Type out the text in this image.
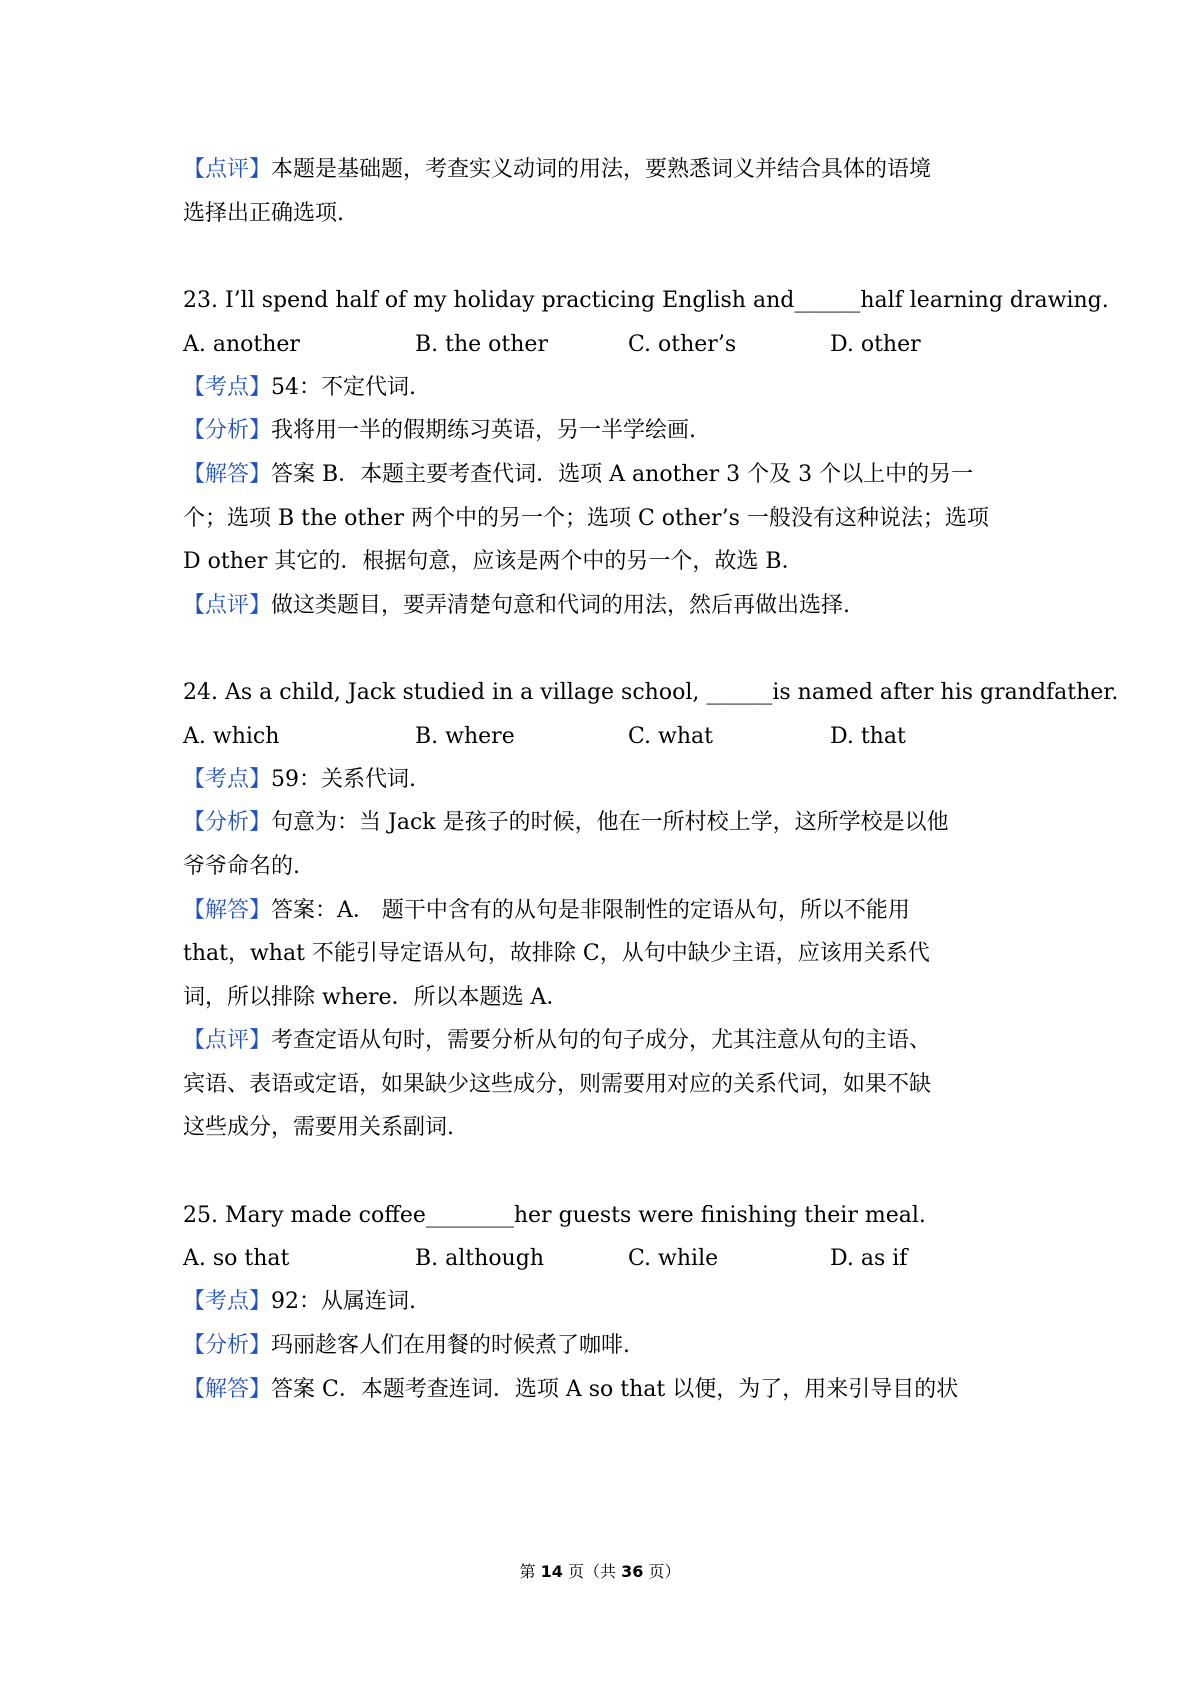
【点评】本题是基础题，考查实义动词的用法，要熟悉词义并结合具体的语境
选择出正确选项.
23. I’ll spend half of my holiday practicing English and______half learning drawing.
A. another	B. the other	C. other’s	D. other
【考点】54：不定代词.
【分析】我将用一半的假期练习英语，另一半学绘画.
【解答】答案 B．本题主要考查代词．选项 A another 3 个及 3 个以上中的另一
个；选项 B the other 两个中的另一个；选项 C other’s 一般没有这种说法；选项
D other 其它的．根据句意，应该是两个中的另一个，故选 B．
【点评】做这类题目，要弄清楚句意和代词的用法，然后再做出选择.
24. As a child, Jack studied in a village school, ______is named after his grandfather.
A. which	B. where	C. what	D. that
【考点】59：关系代词.
【分析】句意为：当 Jack 是孩子的时候，他在一所村校上学，这所学校是以他
爷爷命名的.
【解答】答案：A． 题干中含有的从句是非限制性的定语从句，所以不能用
that，what 不能引导定语从句，故排除 C，从句中缺少主语，应该用关系代
词，所以排除 where．所以本题选 A．
【点评】考查定语从句时，需要分析从句的句子成分，尤其注意从句的主语、
宾语、表语或定语，如果缺少这些成分，则需要用对应的关系代词，如果不缺
这些成分，需要用关系副词.
25. Mary made coffee________her guests were finishing their meal.
A. so that	B. although	C. while	D. as if
【考点】92：从属连词.
【分析】玛丽趁客人们在用餐的时候煮了咖啡.
【解答】答案 C．本题考查连词．选项 A so that 以便，为了，用来引导目的状
第 14 页（共 36 页）
